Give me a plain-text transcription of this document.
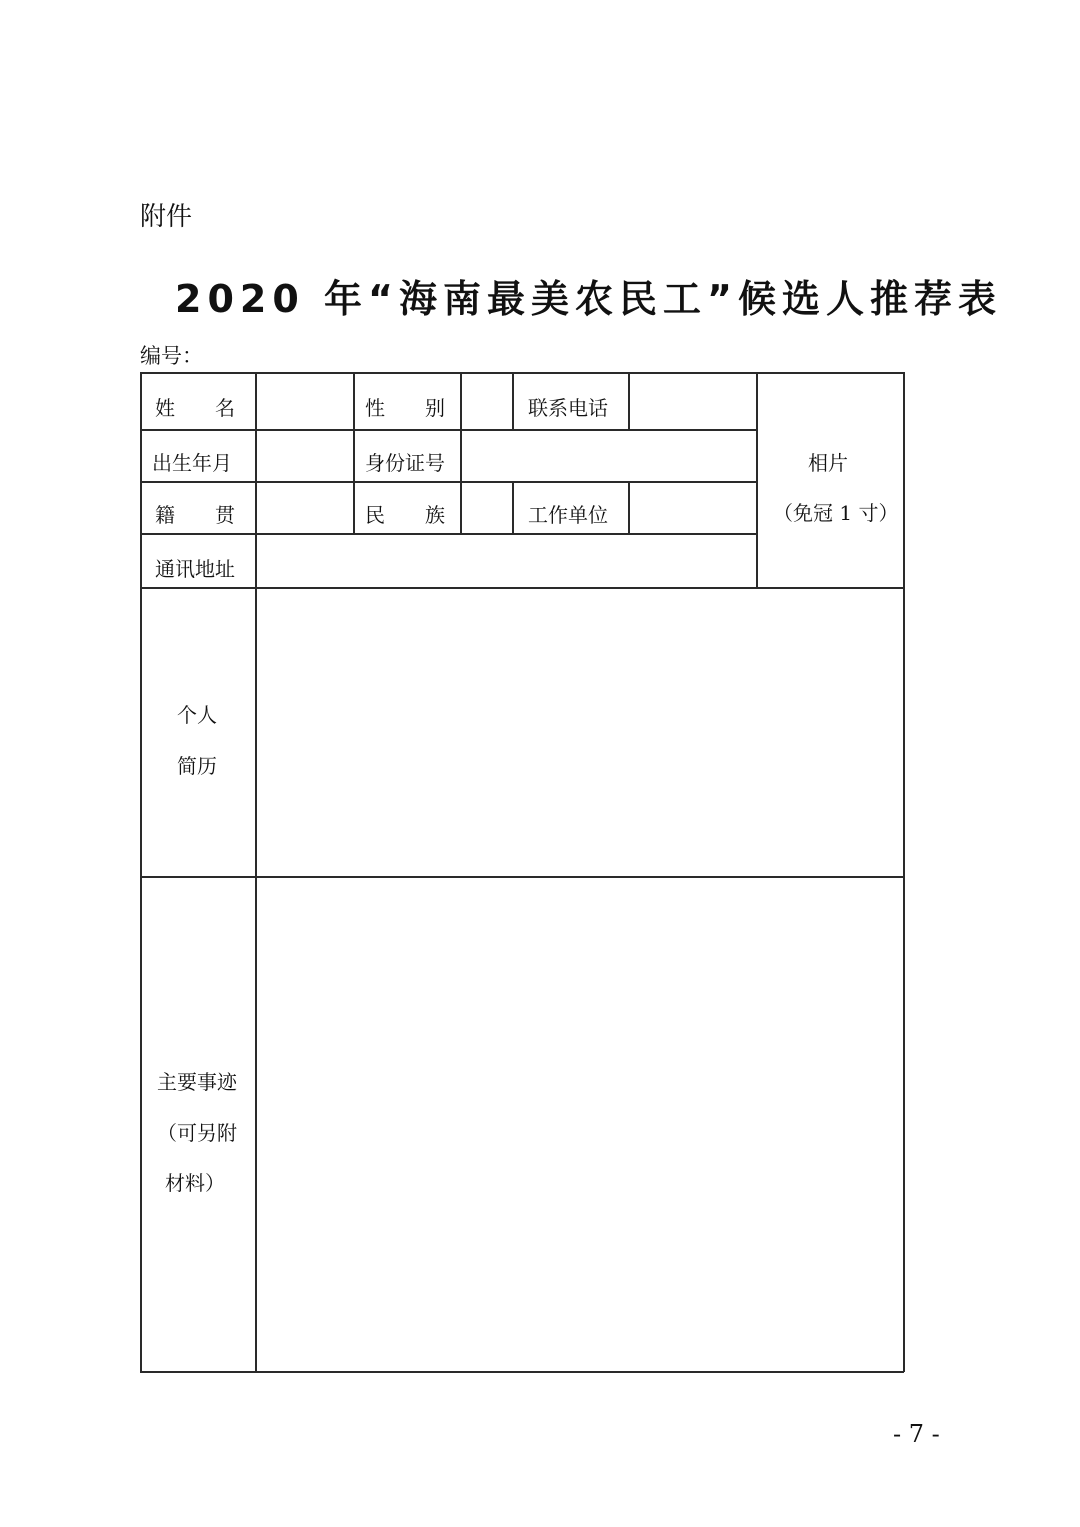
附件
2020 年“海南最美农民工”候选人推荐表
编号：
姓　　名	性　　别	联系电话
出生年月	身份证号
籍　　贯	民　　族	工作单位
通讯地址
相片
（免冠 1 寸）
个人
简历
主要事迹
（可另附
材料）
- 7 -
